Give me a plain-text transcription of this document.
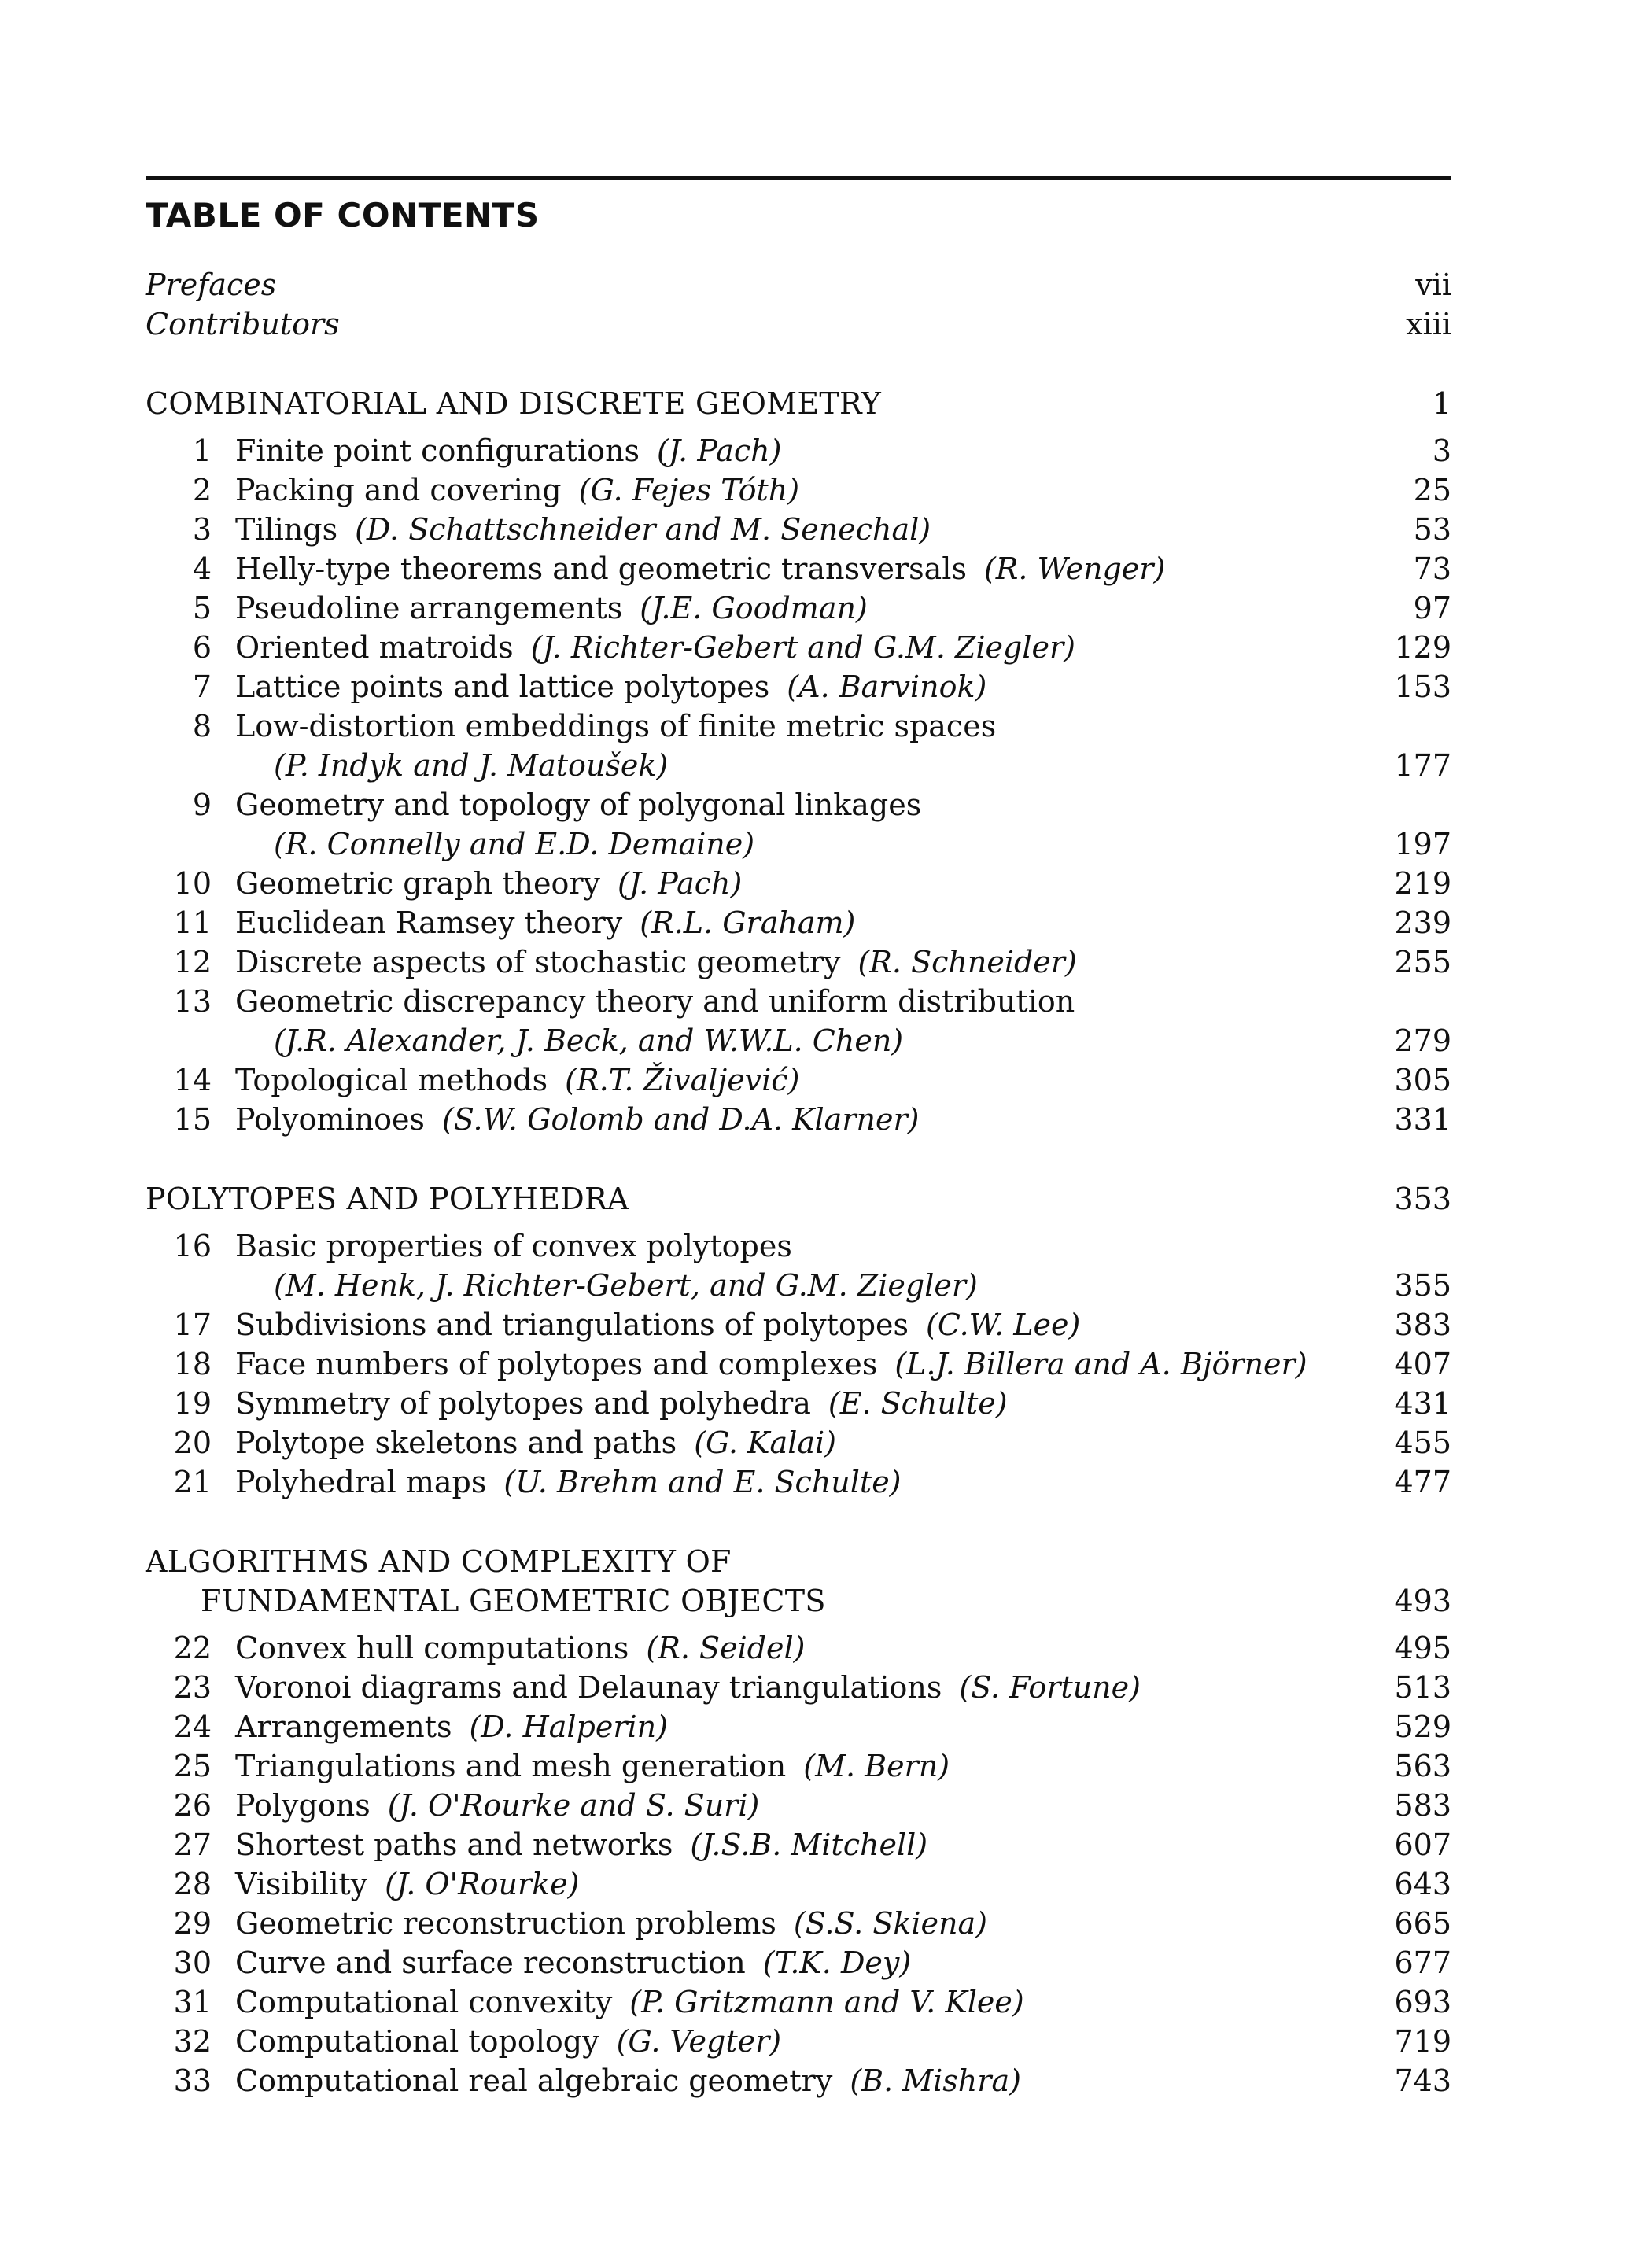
TABLE OF CONTENTS
Prefaces	vii
Contributors	xiii
COMBINATORIAL AND DISCRETE GEOMETRY	1
1 Finite point configurations (J. Pach)	3
2 Packing and covering (G. Fejes Tóth)	25
3 Tilings (D. Schattschneider and M. Senechal)	53
4 Helly-type theorems and geometric transversals (R. Wenger)	73
5 Pseudoline arrangements (J.E. Goodman)	97
6 Oriented matroids (J. Richter-Gebert and G.M. Ziegler)	129
7 Lattice points and lattice polytopes (A. Barvinok)	153
8 Low-distortion embeddings of finite metric spaces
(P. Indyk and J. Matoušek)	177
9 Geometry and topology of polygonal linkages
(R. Connelly and E.D. Demaine)	197
10 Geometric graph theory (J. Pach)	219
11 Euclidean Ramsey theory (R.L. Graham)	239
12 Discrete aspects of stochastic geometry (R. Schneider)	255
13 Geometric discrepancy theory and uniform distribution
(J.R. Alexander, J. Beck, and W.W.L. Chen)	279
14 Topological methods (R.T. Živaljević)	305
15 Polyominoes (S.W. Golomb and D.A. Klarner)	331
POLYTOPES AND POLYHEDRA	353
16 Basic properties of convex polytopes
(M. Henk, J. Richter-Gebert, and G.M. Ziegler)	355
17 Subdivisions and triangulations of polytopes (C.W. Lee)	383
18 Face numbers of polytopes and complexes (L.J. Billera and A. Björner)	407
19 Symmetry of polytopes and polyhedra (E. Schulte)	431
20 Polytope skeletons and paths (G. Kalai)	455
21 Polyhedral maps (U. Brehm and E. Schulte)	477
ALGORITHMS AND COMPLEXITY OF
FUNDAMENTAL GEOMETRIC OBJECTS	493
22 Convex hull computations (R. Seidel)	495
23 Voronoi diagrams and Delaunay triangulations (S. Fortune)	513
24 Arrangements (D. Halperin)	529
25 Triangulations and mesh generation (M. Bern)	563
26 Polygons (J. O'Rourke and S. Suri)	583
27 Shortest paths and networks (J.S.B. Mitchell)	607
28 Visibility (J. O'Rourke)	643
29 Geometric reconstruction problems (S.S. Skiena)	665
30 Curve and surface reconstruction (T.K. Dey)	677
31 Computational convexity (P. Gritzmann and V. Klee)	693
32 Computational topology (G. Vegter)	719
33 Computational real algebraic geometry (B. Mishra)	743
